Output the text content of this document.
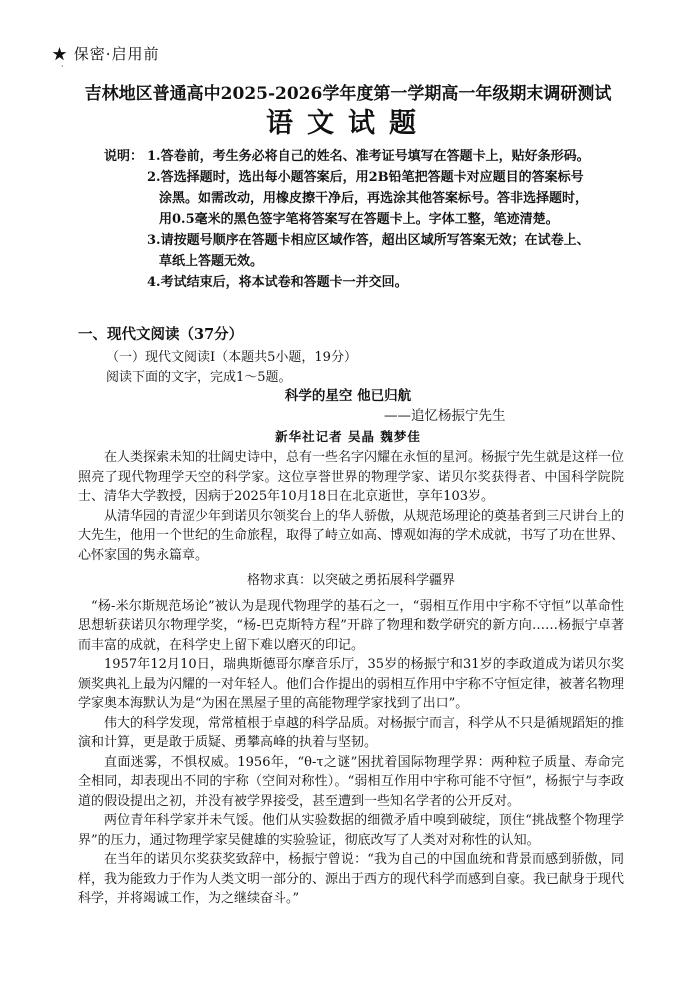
★ 保密·启用前
·
吉林地区普通高中2025-2026学年度第一学期高一年级期末调研测试
语文试题
说明： 1.答卷前，考生务必将自己的姓名、准考证号填写在答题卡上，贴好条形码。
2.答选择题时，选出每小题答案后，用2B铅笔把答题卡对应题目的答案标号
涂黑。如需改动，用橡皮擦干净后，再选涂其他答案标号。答非选择题时，
用0.5毫米的黑色签字笔将答案写在答题卡上。字体工整，笔迹清楚。
3.请按题号顺序在答题卡相应区域作答，超出区域所写答案无效；在试卷上、
草纸上答题无效。
4.考试结束后，将本试卷和答题卡一并交回。
一、现代文阅读（37分）
（一）现代文阅读Ⅰ（本题共5小题，19分）
阅读下面的文字，完成1～5题。
科学的星空 他已归航
——追忆杨振宁先生
新华社记者 吴晶 魏梦佳

在人类探索未知的壮阔史诗中，总有一些名字闪耀在永恒的星河。杨振宁先生就是这样一位照亮了现代物理学天空的科学家。这位享誉世界的物理学家、诺贝尔奖获得者、中国科学院院士、清华大学教授，因病于2025年10月18日在北京逝世，享年103岁。

从清华园的青涩少年到诺贝尔领奖台上的华人骄傲，从规范场理论的奠基者到三尺讲台上的大先生，他用一个世纪的生命旅程，取得了峙立如高、博观如海的学术成就，书写了功在世界、心怀家国的隽永篇章。

格物求真：以突破之勇拓展科学疆界

“杨-米尔斯规范场论”被认为是现代物理学的基石之一，“弱相互作用中宇称不守恒”以革命性思想斩获诺贝尔物理学奖，“杨-巴克斯特方程”开辟了物理和数学研究的新方向……杨振宁卓著而丰富的成就，在科学史上留下难以磨灭的印记。

1957年12月10日，瑞典斯德哥尔摩音乐厅，35岁的杨振宁和31岁的李政道成为诺贝尔奖颁奖典礼上最为闪耀的一对年轻人。他们合作提出的弱相互作用中宇称不守恒定律，被著名物理学家奥本海默认为是“为困在黑屋子里的高能物理学家找到了出口”。

伟大的科学发现，常常植根于卓越的科学品质。对杨振宁而言，科学从不只是循规蹈矩的推演和计算，更是敢于质疑、勇攀高峰的执着与坚韧。

直面迷雾，不惧权威。1956年，“θ-τ之谜”困扰着国际物理学界：两种粒子质量、寿命完全相同，却表现出不同的宇称（空间对称性）。“弱相互作用中宇称可能不守恒”，杨振宁与李政道的假设提出之初，并没有被学界接受，甚至遭到一些知名学者的公开反对。

两位青年科学家并未气馁。他们从实验数据的细微矛盾中嗅到破绽，顶住“挑战整个物理学界”的压力，通过物理学家吴健雄的实验验证，彻底改写了人类对对称性的认知。

在当年的诺贝尔奖获奖致辞中，杨振宁曾说：“我为自己的中国血统和背景而感到骄傲，同样，我为能致力于作为人类文明一部分的、源出于西方的现代科学而感到自豪。我已献身于现代科学，并将竭诚工作，为之继续奋斗。”
